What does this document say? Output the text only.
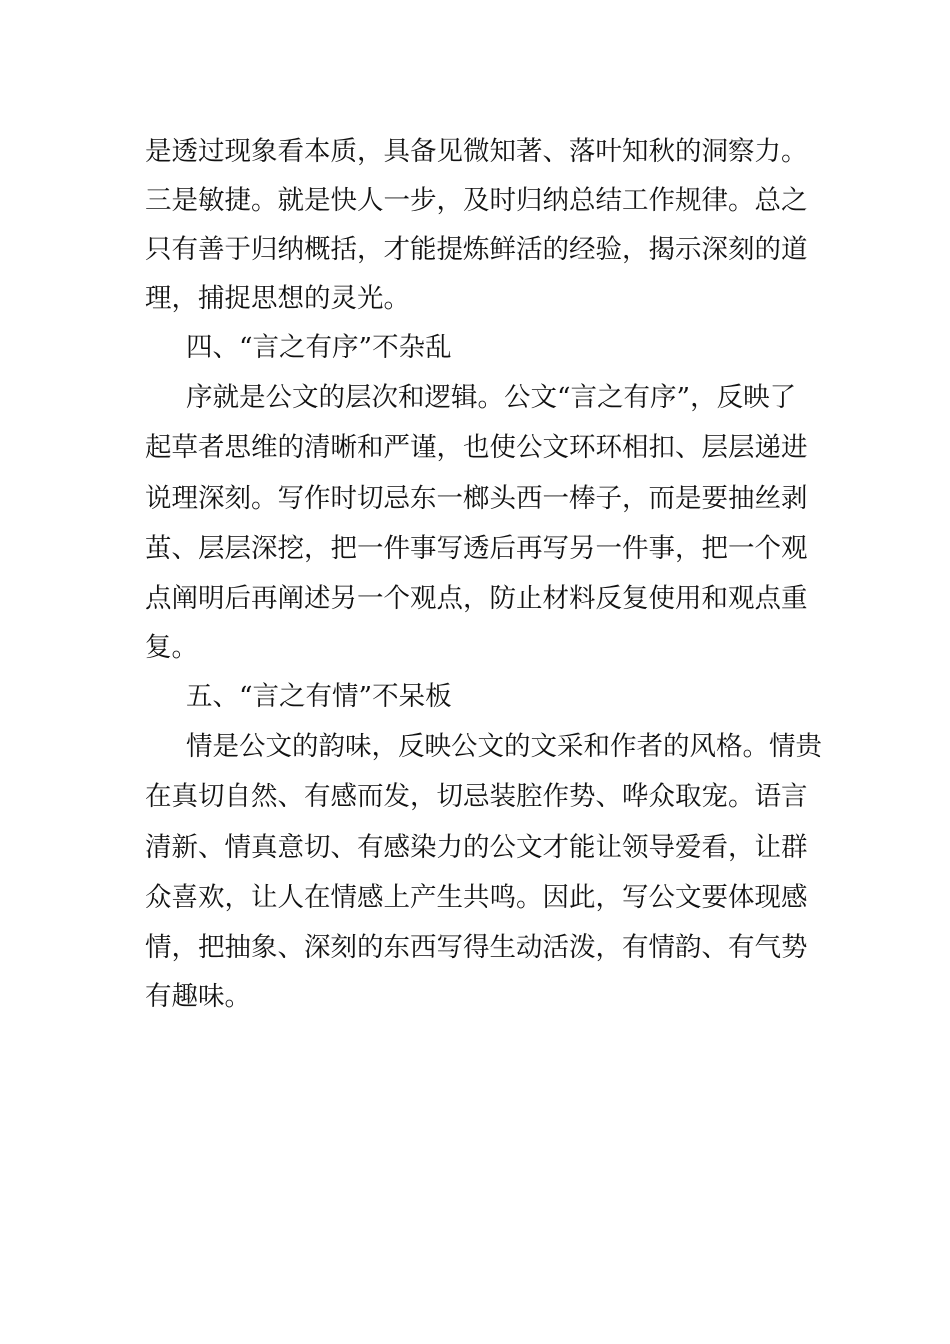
是透过现象看本质，具备见微知著、落叶知秋的洞察力。
三是敏捷。就是快人一步，及时归纳总结工作规律。总之
只有善于归纳概括，才能提炼鲜活的经验，揭示深刻的道
理，捕捉思想的灵光。
四、“言之有序”不杂乱
序就是公文的层次和逻辑。公文“言之有序”，反映了
起草者思维的清晰和严谨，也使公文环环相扣、层层递进
说理深刻。写作时切忌东一榔头西一棒子，而是要抽丝剥
茧、层层深挖，把一件事写透后再写另一件事，把一个观
点阐明后再阐述另一个观点，防止材料反复使用和观点重
复。
五、“言之有情”不呆板
情是公文的韵味，反映公文的文采和作者的风格。情贵
在真切自然、有感而发，切忌装腔作势、哗众取宠。语言
清新、情真意切、有感染力的公文才能让领导爱看，让群
众喜欢，让人在情感上产生共鸣。因此，写公文要体现感
情，把抽象、深刻的东西写得生动活泼，有情韵、有气势
有趣味。
